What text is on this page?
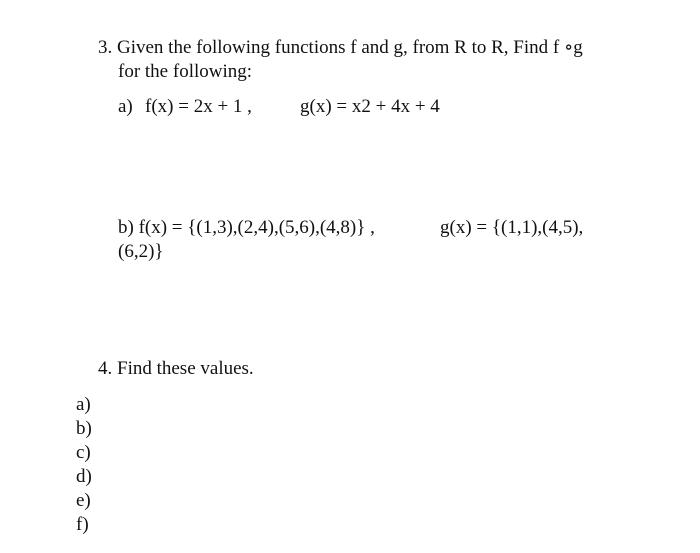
3. Given the following functions f and g, from R to R, Find f ∘g
for the following:
a) f(x) = 2x + 1 ,	g(x) = x2 + 4x + 4
b) f(x) = {(1,3),(2,4),(5,6),(4,8)} ,	g(x) = {(1,1),(4,5),
(6,2)}
4. Find these values.
a)
b)
c)
d)
e)
f)
